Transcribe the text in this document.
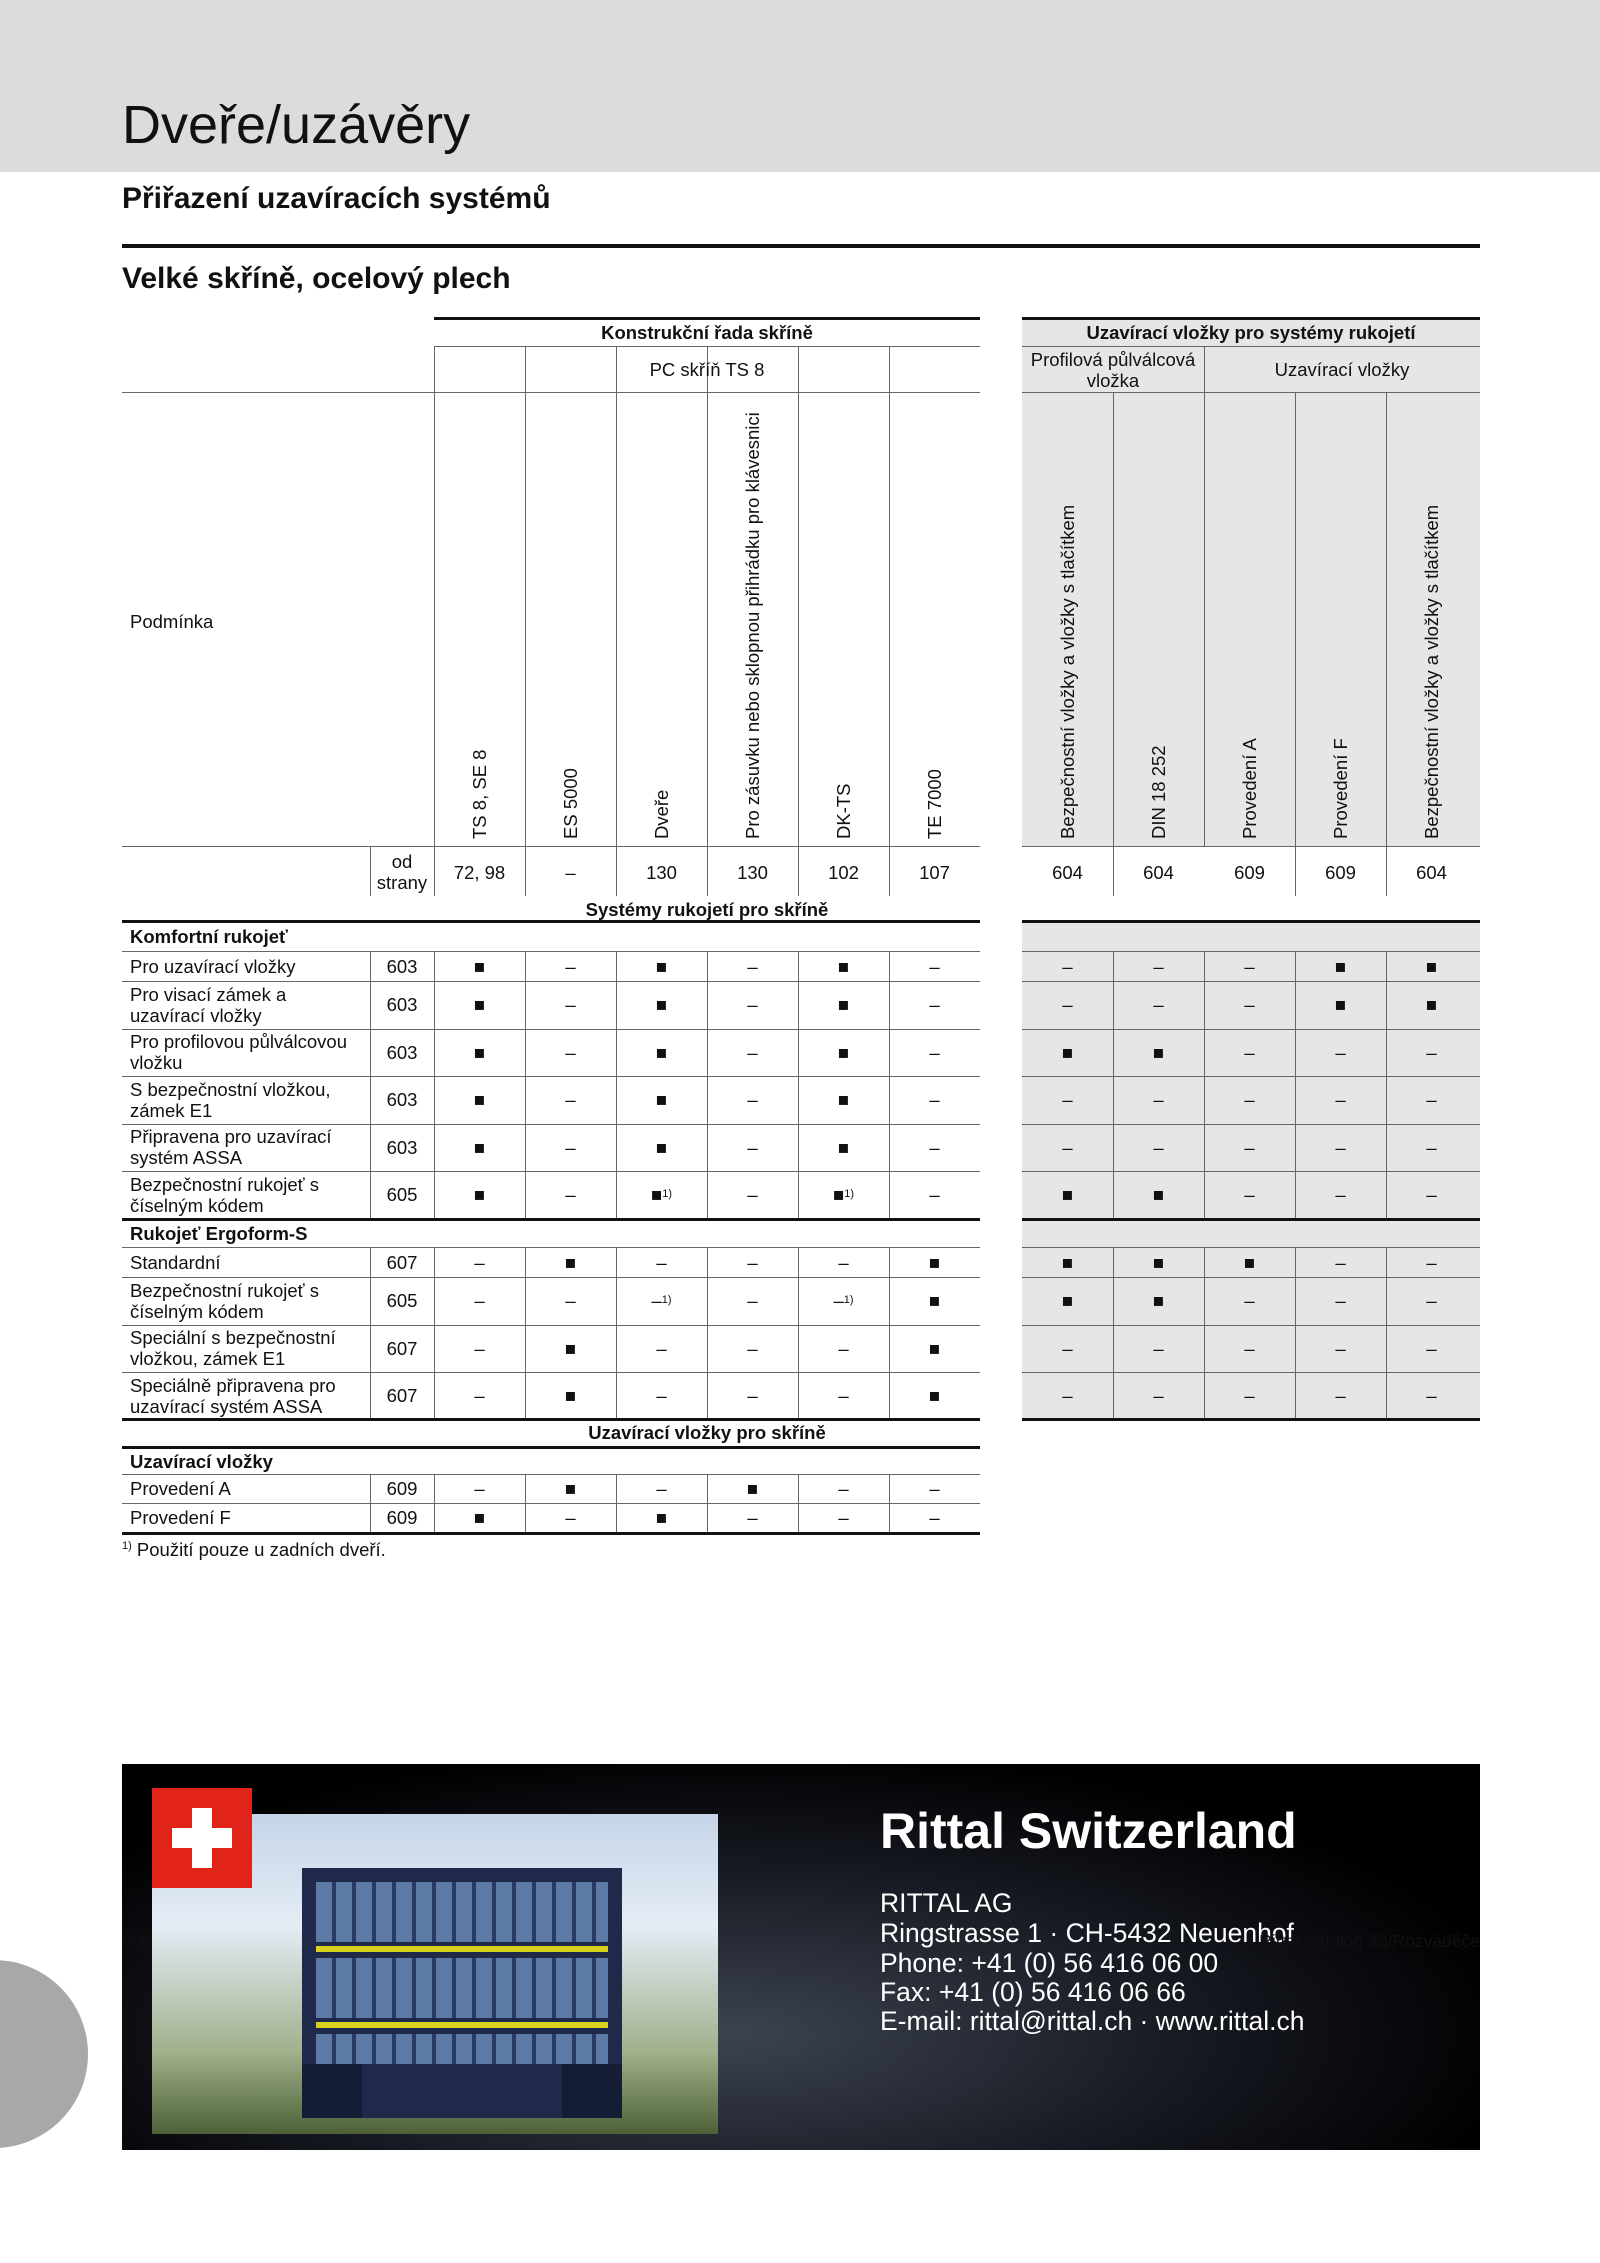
Dveře/uzávěry
Přiřazení uzavíracích systémů
Velké skříně, ocelový plech
Konstrukční řada skříně
PC skříň TS 8
Uzavírací vložky pro systémy rukojetí
Profilová půlválcová vložka	Uzavírací vložky
Podmínka
TS 8, SE 8	ES 5000	Dveře	Pro zásuvku nebo sklopnou přihrádku pro klávesnici	DK-TS	TE 7000	Bezpečnostní vložky a vložky s tlačítkem	DIN 18 252	Provedení A	Provedení F	Bezpečnostní vložky a vložky s tlačítkem
od strany	72, 98	–	130	130	102	107	604	604	609	609	604
Systémy rukojetí pro skříně
Komfortní rukojeť
Pro uzavírací vložky	603	■	–	■	–	■	–	–	–	–	■	■
Pro visací zámek a uzavírací vložky	603	■	–	■	–	■	–	–	–	–	■	■
Pro profilovou půlválcovou vložku	603	■	–	■	–	■	–	■	■	–	–	–
S bezpečnostní vložkou, zámek E1	603	■	–	■	–	■	–	–	–	–	–	–
Připravena pro uzavírací systém ASSA	603	■	–	■	–	■	–	–	–	–	–	–
Bezpečnostní rukojeť s číselným kódem	605	■	–	■ 1)	–	■ 1)	–	■	■	–	–	–
Rukojeť Ergoform-S
Standardní	607	–	■	–	–	–	■	■	■	■	–	–
Bezpečnostní rukojeť s číselným kódem	605	–	–	– 1)	–	– 1)	■	■	■	–	–	–
Speciální s bezpečnostní vložkou, zámek E1	607	–	■	–	–	–	■	–	–	–	–	–
Speciálně připravena pro uzavírací systém ASSA	607	–	■	–	–	–	■	–	–	–	–	–
Uzavírací vložky pro skříně
Uzavírací vložky
Provedení A	609	–	■	–	■	–	–
Provedení F	609	■	–	■	–	–	–
$^{1)}$ Použití pouze u zadních dveří.
Rittal Switzerland
RITTAL AG
Ringstrasse 1 · CH-5432 Neuenhof
Phone: +41 (0) 56 416 06 00
Fax: +41 (0) 56 416 06 66
E-mail: rittal@rittal.ch · www.rittal.ch
600	Rittal Katalog 33/Rozváděče
